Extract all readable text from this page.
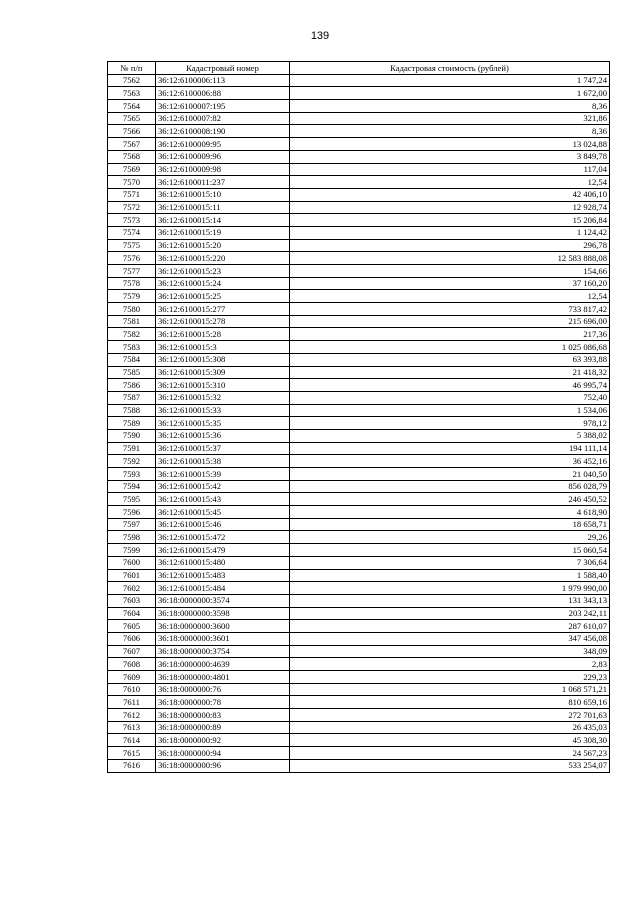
139
№ п/п	Кадастровый номер	Кадастровая стоимость (рублей)
7562	36:12:6100006:113	1 747,24
7563	36:12:6100006:88	1 672,00
7564	36:12:6100007:195	8,36
7565	36:12:6100007:82	321,86
7566	36:12:6100008:190	8,36
7567	36:12:6100009:95	13 024,88
7568	36:12:6100009:96	3 849,78
7569	36:12:6100009:98	117,04
7570	36:12:6100011:237	12,54
7571	36:12:6100015:10	42 406,10
7572	36:12:6100015:11	12 928,74
7573	36:12:6100015:14	15 206,84
7574	36:12:6100015:19	1 124,42
7575	36:12:6100015:20	296,78
7576	36:12:6100015:220	12 583 888,08
7577	36:12:6100015:23	154,66
7578	36:12:6100015:24	37 160,20
7579	36:12:6100015:25	12,54
7580	36:12:6100015:277	733 817,42
7581	36:12:6100015:278	215 696,00
7582	36:12:6100015:28	217,36
7583	36:12:6100015:3	1 025 086,68
7584	36:12:6100015:308	63 393,88
7585	36:12:6100015:309	21 418,32
7586	36:12:6100015:310	46 995,74
7587	36:12:6100015:32	752,40
7588	36:12:6100015:33	1 534,06
7589	36:12:6100015:35	978,12
7590	36:12:6100015:36	5 388,02
7591	36:12:6100015:37	194 111,14
7592	36:12:6100015:38	36 452,16
7593	36:12:6100015:39	21 040,50
7594	36:12:6100015:42	856 028,79
7595	36:12:6100015:43	246 450,52
7596	36:12:6100015:45	4 618,90
7597	36:12:6100015:46	18 658,71
7598	36:12:6100015:472	29,26
7599	36:12:6100015:479	15 060,54
7600	36:12:6100015:480	7 306,64
7601	36:12:6100015:483	1 588,40
7602	36:12:6100015:484	1 979 990,00
7603	36:18:0000000:3574	131 343,13
7604	36:18:0000000:3598	203 242,11
7605	36:18:0000000:3600	287 610,07
7606	36:18:0000000:3601	347 456,08
7607	36:18:0000000:3754	348,09
7608	36:18:0000000:4639	2,83
7609	36:18:0000000:4801	229,23
7610	36:18:0000000:76	1 068 571,21
7611	36:18:0000000:78	810 659,16
7612	36:18:0000000:83	272 701,63
7613	36:18:0000000:89	26 435,03
7614	36:18:0000000:92	45 308,30
7615	36:18:0000000:94	24 567,23
7616	36:18:0000000:96	533 254,07
